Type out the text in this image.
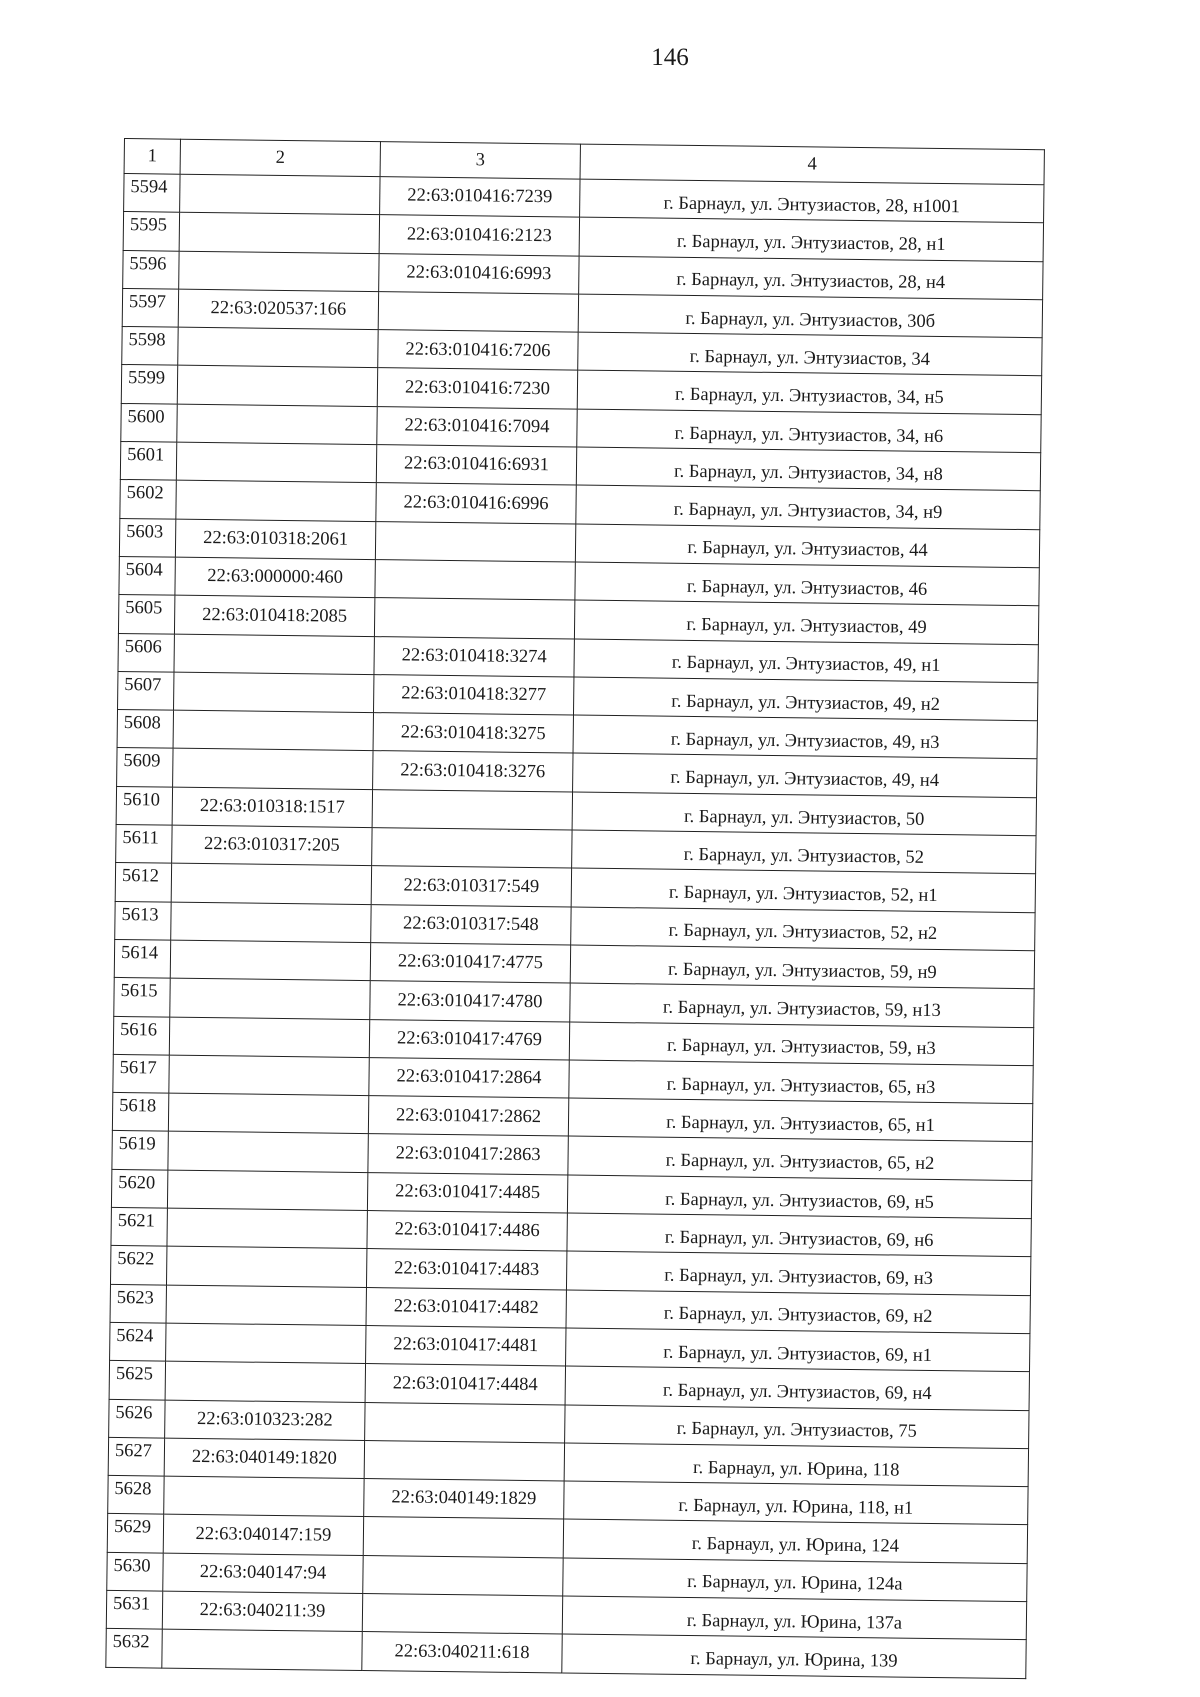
146
1	2	3	4
5594		22:63:010416:7239	г. Барнаул, ул. Энтузиастов, 28, н1001
5595		22:63:010416:2123	г. Барнаул, ул. Энтузиастов, 28, н1
5596		22:63:010416:6993	г. Барнаул, ул. Энтузиастов, 28, н4
5597	22:63:020537:166		г. Барнаул, ул. Энтузиастов, 30б
5598		22:63:010416:7206	г. Барнаул, ул. Энтузиастов, 34
5599		22:63:010416:7230	г. Барнаул, ул. Энтузиастов, 34, н5
5600		22:63:010416:7094	г. Барнаул, ул. Энтузиастов, 34, н6
5601		22:63:010416:6931	г. Барнаул, ул. Энтузиастов, 34, н8
5602		22:63:010416:6996	г. Барнаул, ул. Энтузиастов, 34, н9
5603	22:63:010318:2061		г. Барнаул, ул. Энтузиастов, 44
5604	22:63:000000:460		г. Барнаул, ул. Энтузиастов, 46
5605	22:63:010418:2085		г. Барнаул, ул. Энтузиастов, 49
5606		22:63:010418:3274	г. Барнаул, ул. Энтузиастов, 49, н1
5607		22:63:010418:3277	г. Барнаул, ул. Энтузиастов, 49, н2
5608		22:63:010418:3275	г. Барнаул, ул. Энтузиастов, 49, н3
5609		22:63:010418:3276	г. Барнаул, ул. Энтузиастов, 49, н4
5610	22:63:010318:1517		г. Барнаул, ул. Энтузиастов, 50
5611	22:63:010317:205		г. Барнаул, ул. Энтузиастов, 52
5612		22:63:010317:549	г. Барнаул, ул. Энтузиастов, 52, н1
5613		22:63:010317:548	г. Барнаул, ул. Энтузиастов, 52, н2
5614		22:63:010417:4775	г. Барнаул, ул. Энтузиастов, 59, н9
5615		22:63:010417:4780	г. Барнаул, ул. Энтузиастов, 59, н13
5616		22:63:010417:4769	г. Барнаул, ул. Энтузиастов, 59, н3
5617		22:63:010417:2864	г. Барнаул, ул. Энтузиастов, 65, н3
5618		22:63:010417:2862	г. Барнаул, ул. Энтузиастов, 65, н1
5619		22:63:010417:2863	г. Барнаул, ул. Энтузиастов, 65, н2
5620		22:63:010417:4485	г. Барнаул, ул. Энтузиастов, 69, н5
5621		22:63:010417:4486	г. Барнаул, ул. Энтузиастов, 69, н6
5622		22:63:010417:4483	г. Барнаул, ул. Энтузиастов, 69, н3
5623		22:63:010417:4482	г. Барнаул, ул. Энтузиастов, 69, н2
5624		22:63:010417:4481	г. Барнаул, ул. Энтузиастов, 69, н1
5625		22:63:010417:4484	г. Барнаул, ул. Энтузиастов, 69, н4
5626	22:63:010323:282		г. Барнаул, ул. Энтузиастов, 75
5627	22:63:040149:1820		г. Барнаул, ул. Юрина, 118
5628		22:63:040149:1829	г. Барнаул, ул. Юрина, 118, н1
5629	22:63:040147:159		г. Барнаул, ул. Юрина, 124
5630	22:63:040147:94		г. Барнаул, ул. Юрина, 124а
5631	22:63:040211:39		г. Барнаул, ул. Юрина, 137а
5632		22:63:040211:618	г. Барнаул, ул. Юрина, 139
